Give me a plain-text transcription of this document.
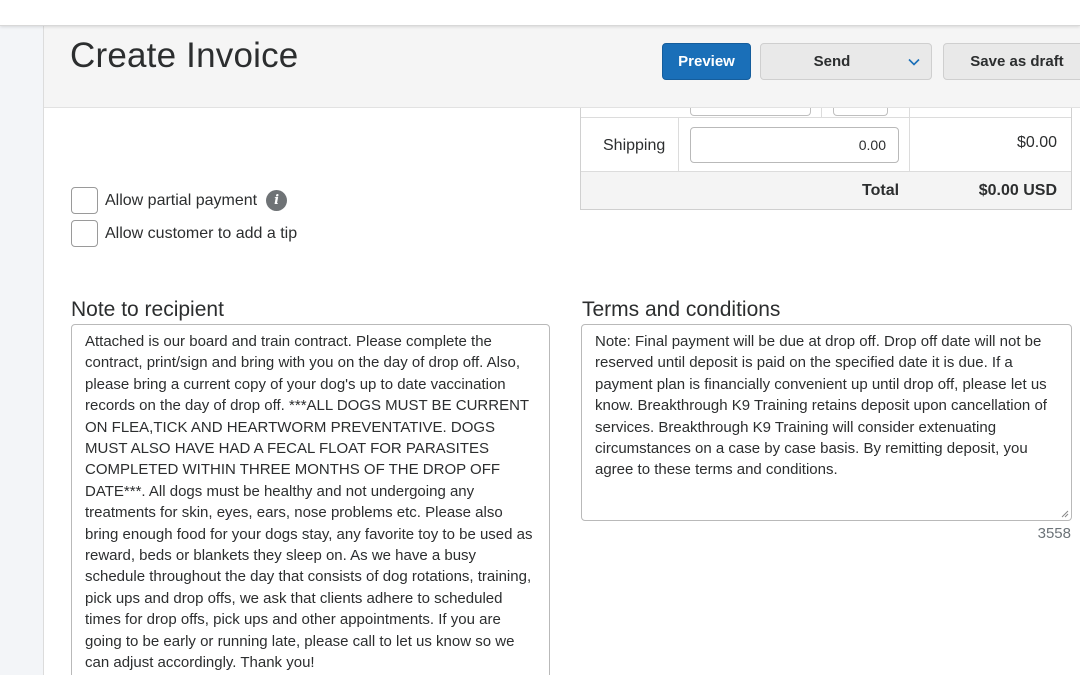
Create Invoice	Preview	Send	Save as draft
Shipping	0.00	$0.00
Total	$0.00 USD
Allow partial payment	i
Allow customer to add a tip
Note to recipient
Attached is our board and train contract. Please complete the contract, print/sign and bring with you on the day of drop off. Also, please bring a current copy of your dog's up to date vaccination records on the day of drop off. ***ALL DOGS MUST BE CURRENT ON FLEA,TICK AND HEARTWORM PREVENTATIVE. DOGS MUST ALSO HAVE HAD A FECAL FLOAT FOR PARASITES COMPLETED WITHIN THREE MONTHS OF THE DROP OFF DATE***. All dogs must be healthy and not undergoing any treatments for skin, eyes, ears, nose problems etc. Please also bring enough food for your dogs stay, any favorite toy to be used as reward, beds or blankets they sleep on. As we have a busy schedule throughout the day that consists of dog rotations, training, pick ups and drop offs, we ask that clients adhere to scheduled times for drop offs, pick ups and other appointments. If you are going to be early or running late, please call to let us know so we can adjust accordingly. Thank you!
Terms and conditions
Note: Final payment will be due at drop off. Drop off date will not be reserved until deposit is paid on the specified date it is due. If a payment plan is financially convenient up until drop off, please let us know. Breakthrough K9 Training retains deposit upon cancellation of services. Breakthrough K9 Training will consider extenuating circumstances on a case by case basis. By remitting deposit, you agree to these terms and conditions.
3558
